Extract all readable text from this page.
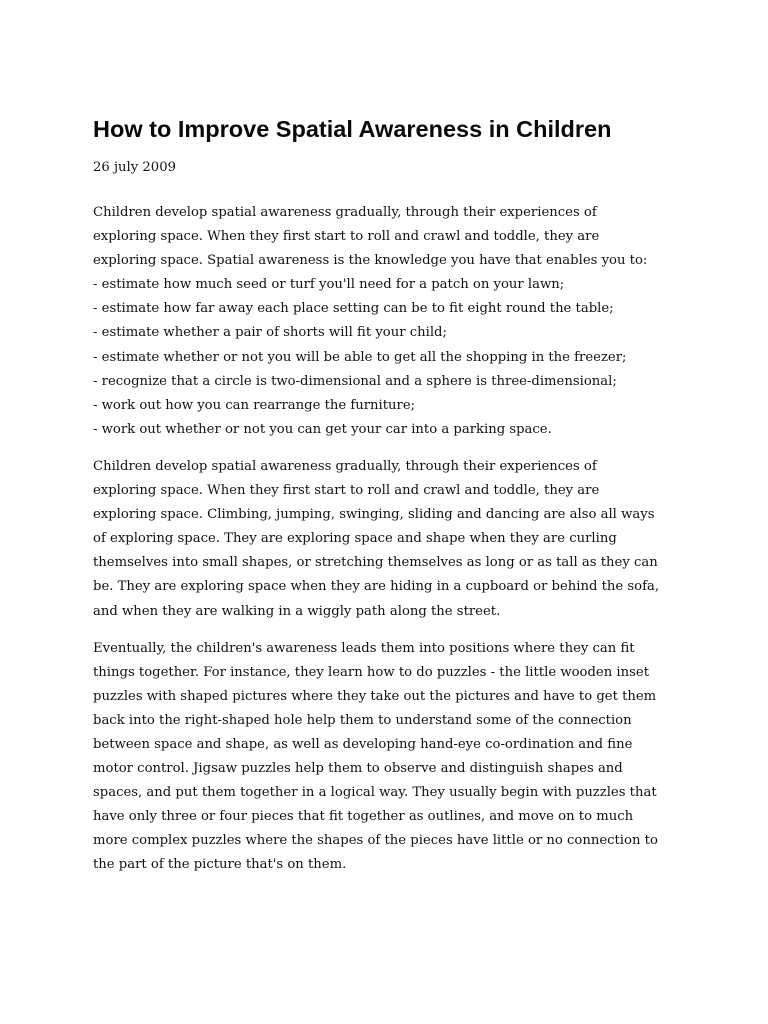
How to Improve Spatial Awareness in Children
26 july 2009

Children develop spatial awareness gradually, through their experiences of
exploring space. When they first start to roll and crawl and toddle, they are
exploring space. Spatial awareness is the knowledge you have that enables you to:
- estimate how much seed or turf you'll need for a patch on your lawn;
- estimate how far away each place setting can be to fit eight round the table;
- estimate whether a pair of shorts will fit your child;
- estimate whether or not you will be able to get all the shopping in the freezer;
- recognize that a circle is two-dimensional and a sphere is three-dimensional;
- work out how you can rearrange the furniture;
- work out whether or not you can get your car into a parking space.

Children develop spatial awareness gradually, through their experiences of
exploring space. When they first start to roll and crawl and toddle, they are
exploring space. Climbing, jumping, swinging, sliding and dancing are also all ways
of exploring space. They are exploring space and shape when they are curling
themselves into small shapes, or stretching themselves as long or as tall as they can
be. They are exploring space when they are hiding in a cupboard or behind the sofa,
and when they are walking in a wiggly path along the street.

Eventually, the children's awareness leads them into positions where they can fit
things together. For instance, they learn how to do puzzles - the little wooden inset
puzzles with shaped pictures where they take out the pictures and have to get them
back into the right-shaped hole help them to understand some of the connection
between space and shape, as well as developing hand-eye co-ordination and fine
motor control. Jigsaw puzzles help them to observe and distinguish shapes and
spaces, and put them together in a logical way. They usually begin with puzzles that
have only three or four pieces that fit together as outlines, and move on to much
more complex puzzles where the shapes of the pieces have little or no connection to
the part of the picture that's on them.
